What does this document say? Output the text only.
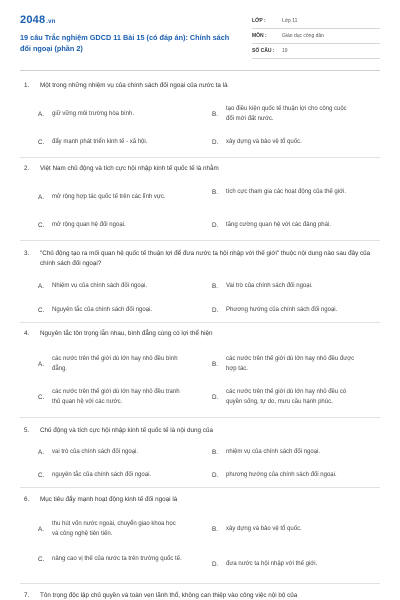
2048.vn
19 câu Trắc nghiệm GDCD 11 Bài 15 (có đáp án): Chính sách đối ngoại (phần 2)
LỚP :	Lớp 11
MÔN :	Giáo dục công dân
SỐ CÂU :	19
1.	Một trong những nhiệm vụ của chính sách đối ngoại của nước ta là
A.	giữ vững môi trường hòa bình.	B.
tạo điều kiện quốc tế thuận lợi cho công cuộc đổi mới đất nước.
C.	đẩy mạnh phát triển kinh tế - xã hội.	D.	xây dựng và bảo vệ tổ quốc.
2.	Việt Nam chủ động và tích cực hội nhập kinh tế quốc tế là nhằm
A.	mở rộng hợp tác quốc tế trên các lĩnh vực.
B.	tích cực tham gia các hoạt động của thế giới.
C.	mở rộng quan hệ đối ngoại.	D.	tăng cường quan hệ với các đảng phái.
3.	"Chủ động tạo ra mối quan hệ quốc tế thuận lợi để đưa nước ta hội nhập với thế giới" thuộc nội dung nào sau đây của chính sách đối ngoại?
A.	Nhiệm vụ của chính sách đối ngoại.	B.	Vai trò của chính sách đối ngoại.
C.	Nguyên tắc của chính sách đối ngoại.	D.	Phương hướng của chính sách đối ngoại.
4.	Nguyên tắc tôn trọng lẫn nhau, bình đẳng cùng có lợi thể hiện
A.
các nước trên thế giới dù lớn hay nhỏ đều bình đẳng.
B.
các nước trên thế giới dù lớn hay nhỏ đều được hợp tác.
C.
các nước trên thế giới dù lớn hay nhỏ đều tranh thủ quan hệ với các nước.
D.
các nước trên thế giới dù lớn hay nhỏ đều có quyền sống, tự do, mưu cầu hạnh phúc.
5.	Chủ động và tích cực hội nhập kinh tế quốc tế là nội dung của
A.	vai trò của chính sách đối ngoại.	B.	nhiệm vụ của chính sách đối ngoại.
C.	nguyên tắc của chính sách đối ngoại.	D.	phương hướng của chính sách đối ngoại.
6.	Mục tiêu đẩy mạnh hoạt động kinh tế đối ngoại là
A.
thu hút vốn nước ngoài, chuyển giao khoa học và công nghệ tiên tiến.
B.	xây dựng và bảo vệ tổ quốc.
C.	nâng cao vị thế của nước ta trên trường quốc tế.
D.	đưa nước ta hội nhập với thế giới.
7.	Tôn trọng độc lập chủ quyền và toàn vẹn lãnh thổ, không can thiệp vào công việc nội bộ của
